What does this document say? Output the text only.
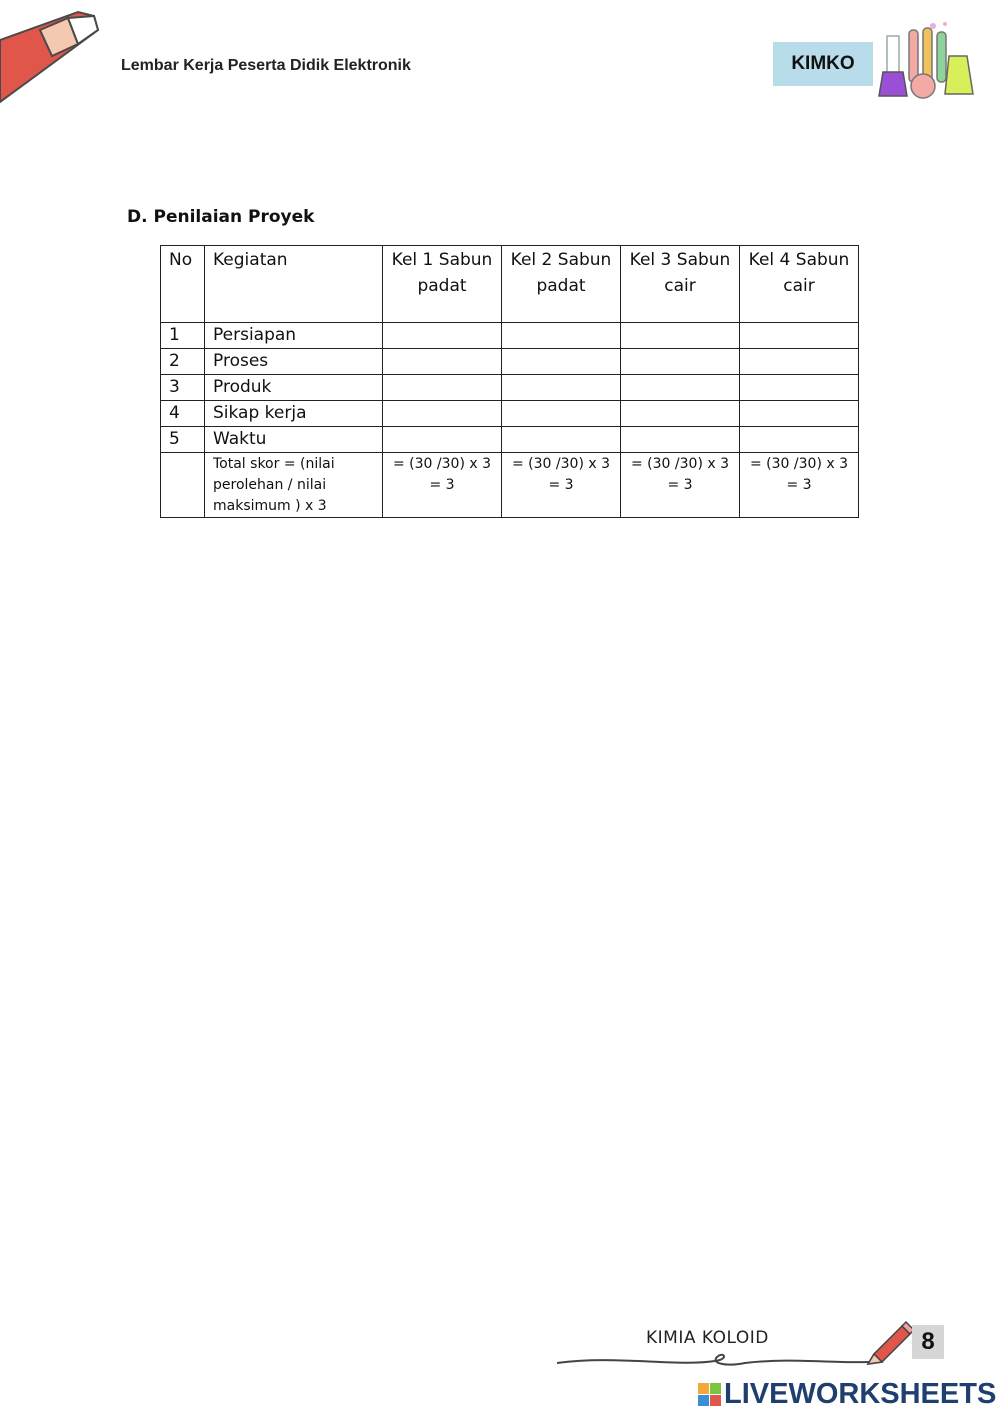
Lembar Kerja Peserta Didik Elektronik	KIMKO
D. Penilaian Proyek
No	Kegiatan	Kel 1 Sabun padat	Kel 2 Sabun padat	Kel 3 Sabun cair	Kel 4 Sabun cair
1	Persiapan				
2	Proses				
3	Produk				
4	Sikap kerja				
5	Waktu				
	Total skor = (nilai perolehan / nilai maksimum ) x 3	= (30 /30) x 3 = 3	= (30 /30) x 3 = 3	= (30 /30) x 3 = 3	= (30 /30) x 3 = 3
KIMIA KOLOID	8
LIVEWORKSHEETS
